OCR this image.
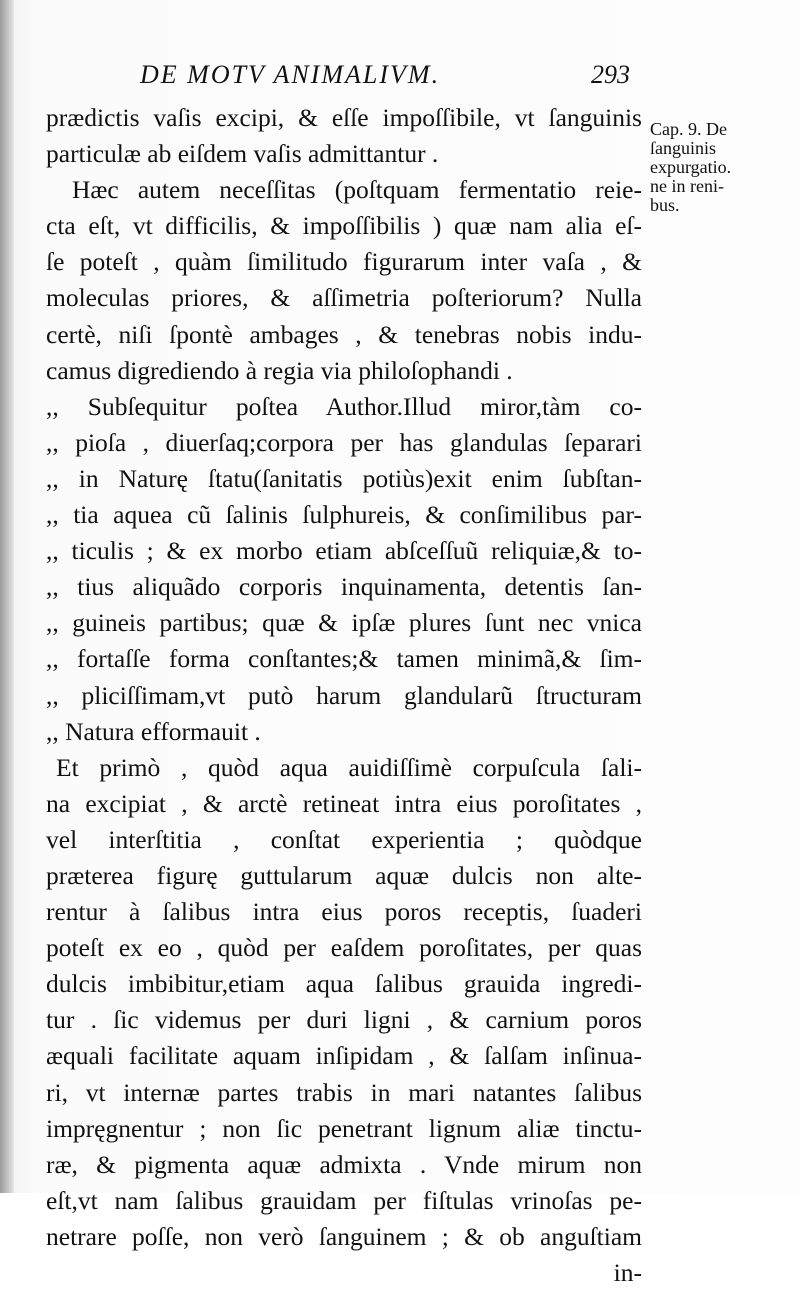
DE MOTV ANIMALIVM.	293
Cap. 9. De
ſanguinis
expurgatio.
ne in reni-
bus.
prædictis vaſis excipi, & eſſe impoſſibile, vt ſanguinis
particulæ ab eiſdem vaſis admittantur .
Hæc autem neceſſitas (poſtquam fermentatio reie-
cta eſt, vt difficilis, & impoſſibilis ) quæ nam alia eſ-
ſe poteſt , quàm ſimilitudo figurarum inter vaſa , &
moleculas priores, & aſſimetria poſteriorum? Nulla
certè, niſi ſpontè ambages , & tenebras nobis indu-
camus digrediendo à regia via philoſophandi .
,, Subſequitur poſtea Author.Illud miror,tàm co-
,, pioſa , diuerſaq;corpora per has glandulas ſeparari
,, in Naturę ſtatu(ſanitatis potiùs)exit enim ſubſtan-
,, tia aquea cũ ſalinis ſulphureis, & conſimilibus par-
,, ticulis ; & ex morbo etiam abſceſſuũ reliquiæ,& to-
,, tius aliquãdo corporis inquinamenta, detentis ſan-
,, guineis partibus; quæ & ipſæ plures ſunt nec vnica
,, fortaſſe forma conſtantes;& tamen minimã,& ſim-
,, pliciſſimam,vt putò harum glandularũ ſtructuram
,, Natura efformauit .
Et primò , quòd aqua auidiſſimè corpuſcula ſali-
na excipiat , & arctè retineat intra eius poroſitates ,
vel interſtitia , conſtat experientia ; quòdque
præterea figurę guttularum aquæ dulcis non alte-
rentur à ſalibus intra eius poros receptis, ſuaderi
poteſt ex eo , quòd per eaſdem poroſitates, per quas
dulcis imbibitur,etiam aqua ſalibus grauida ingredi-
tur . ſic videmus per duri ligni , & carnium poros
æquali facilitate aquam inſipidam , & ſalſam inſinua-
ri, vt internæ partes trabis in mari natantes ſalibus
impręgnentur ; non ſic penetrant lignum aliæ tinctu-
ræ, & pigmenta aquæ admixta . Vnde mirum non
eſt,vt nam ſalibus grauidam per fiſtulas vrinoſas pe-
netrare poſſe, non verò ſanguinem ; & ob anguſtiam
in-
